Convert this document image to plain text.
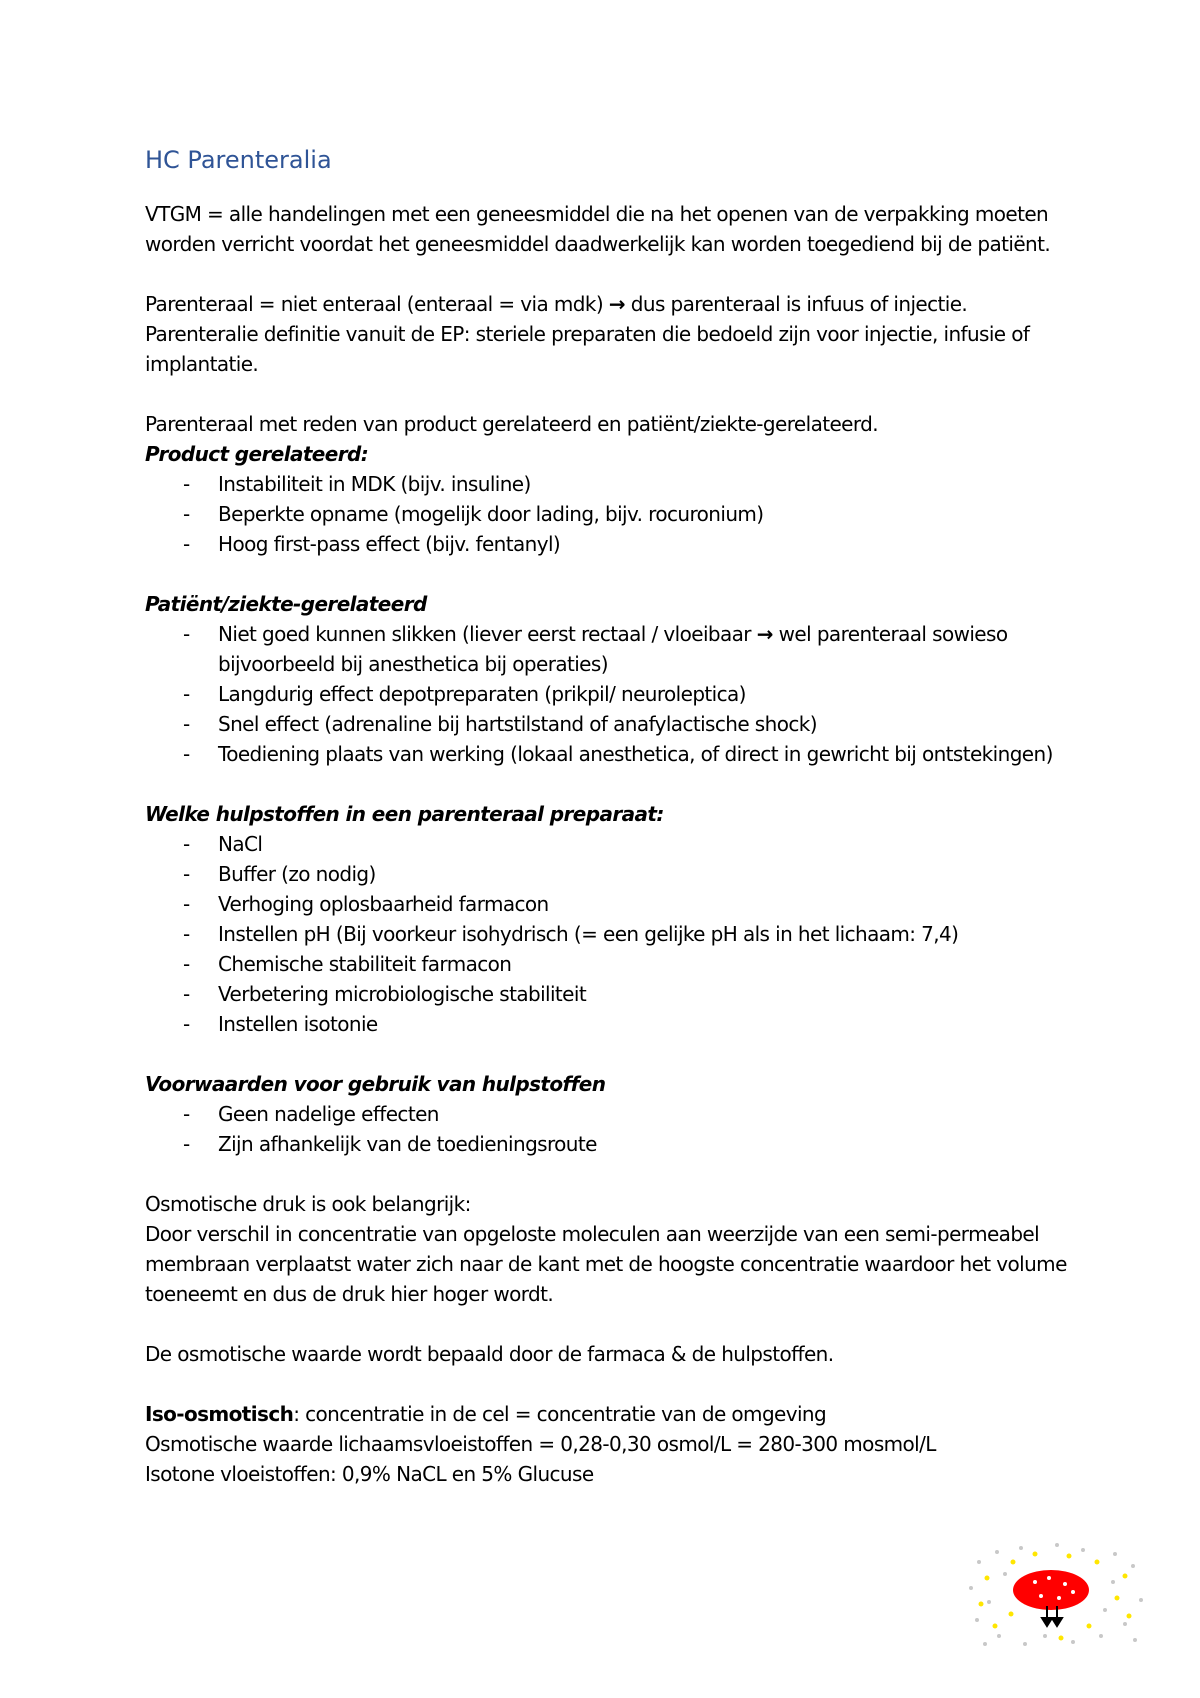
HC Parenteralia

VTGM = alle handelingen met een geneesmiddel die na het openen van de verpakking moeten worden verricht voordat het geneesmiddel daadwerkelijk kan worden toegediend bij de patiënt.

Parenteraal = niet enteraal (enteraal = via mdk) → dus parenteraal is infuus of injectie.

Parenteralie definitie vanuit de EP: steriele preparaten die bedoeld zijn voor injectie, infusie of implantatie.

Parenteraal met reden van product gerelateerd en patiënt/ziekte-gerelateerd.

Product gerelateerd:

- Instabiliteit in MDK (bijv. insuline)
- Beperkte opname (mogelijk door lading, bijv. rocuronium)
- Hoog first-pass effect (bijv. fentanyl)

Patiënt/ziekte-gerelateerd

- Niet goed kunnen slikken (liever eerst rectaal / vloeibaar → wel parenteraal sowieso bijvoorbeeld bij anesthetica bij operaties)
- Langdurig effect depotpreparaten (prikpil/ neuroleptica)
- Snel effect (adrenaline bij hartstilstand of anafylactische shock)
- Toediening plaats van werking (lokaal anesthetica, of direct in gewricht bij ontstekingen)

Welke hulpstoffen in een parenteraal preparaat:

- NaCl
- Buffer (zo nodig)
- Verhoging oplosbaarheid farmacon
- Instellen pH (Bij voorkeur isohydrisch (= een gelijke pH als in het lichaam: 7,4)
- Chemische stabiliteit farmacon
- Verbetering microbiologische stabiliteit
- Instellen isotonie

Voorwaarden voor gebruik van hulpstoffen

- Geen nadelige effecten
- Zijn afhankelijk van de toedieningsroute

Osmotische druk is ook belangrijk:

Door verschil in concentratie van opgeloste moleculen aan weerzijde van een semi-permeabel membraan verplaatst water zich naar de kant met de hoogste concentratie waardoor het volume toeneemt en dus de druk hier hoger wordt.

De osmotische waarde wordt bepaald door de farmaca & de hulpstoffen.

Iso-osmotisch: concentratie in de cel = concentratie van de omgeving

Osmotische waarde lichaamsvloeistoffen = 0,28-0,30 osmol/L = 280-300 mosmol/L

Isotone vloeistoffen: 0,9% NaCL en 5% Glucuse
